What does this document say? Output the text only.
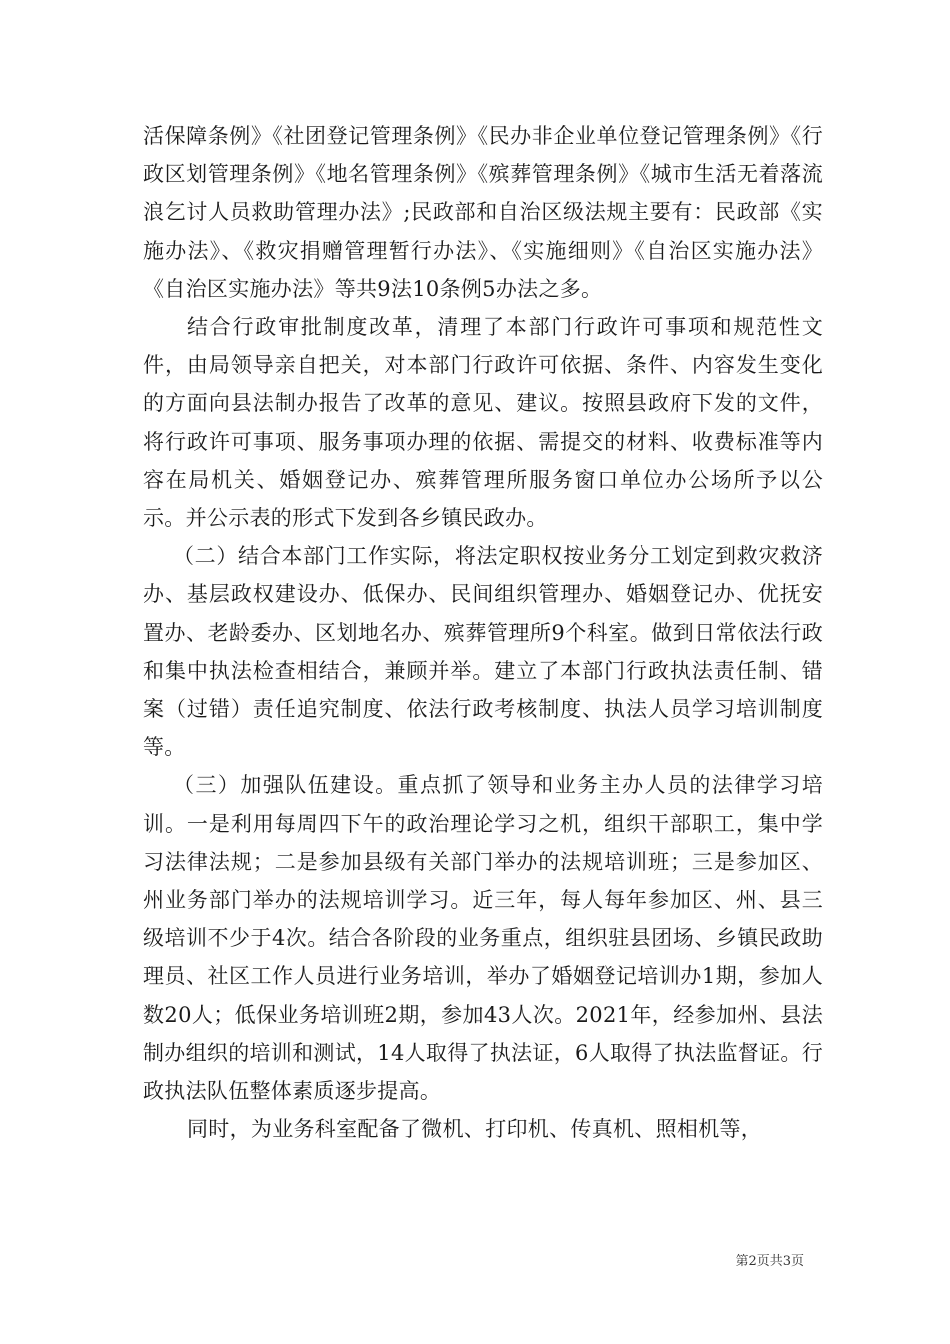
活保障条例》《社团登记管理条例》《民办非企业单位登记管理条例》《行政区划管理条例》《地名管理条例》《殡葬管理条例》《城市生活无着落流浪乞讨人员救助管理办法》;民政部和自治区级法规主要有：民政部《实施办法》、《救灾捐赠管理暂行办法》、《实施细则》《自治区实施办法》《自治区实施办法》等共9法10条例5办法之多。

结合行政审批制度改革，清理了本部门行政许可事项和规范性文件，由局领导亲自把关，对本部门行政许可依据、条件、内容发生变化的方面向县法制办报告了改革的意见、建议。按照县政府下发的文件，将行政许可事项、服务事项办理的依据、需提交的材料、收费标准等内容在局机关、婚姻登记办、殡葬管理所服务窗口单位办公场所予以公示。并公示表的形式下发到各乡镇民政办。

（二）结合本部门工作实际，将法定职权按业务分工划定到救灾救济办、基层政权建设办、低保办、民间组织管理办、婚姻登记办、优抚安置办、老龄委办、区划地名办、殡葬管理所9个科室。做到日常依法行政和集中执法检查相结合，兼顾并举。建立了本部门行政执法责任制、错案（过错）责任追究制度、依法行政考核制度、执法人员学习培训制度等。

（三）加强队伍建设。重点抓了领导和业务主办人员的法律学习培训。一是利用每周四下午的政治理论学习之机，组织干部职工，集中学习法律法规；二是参加县级有关部门举办的法规培训班；三是参加区、州业务部门举办的法规培训学习。近三年，每人每年参加区、州、县三级培训不少于4次。结合各阶段的业务重点，组织驻县团场、乡镇民政助理员、社区工作人员进行业务培训，举办了婚姻登记培训办1期，参加人数20人；低保业务培训班2期，参加43人次。2021年，经参加州、县法制办组织的培训和测试，14人取得了执法证，6人取得了执法监督证。行政执法队伍整体素质逐步提高。

同时，为业务科室配备了微机、打印机、传真机、照相机等，

第2页共3页
